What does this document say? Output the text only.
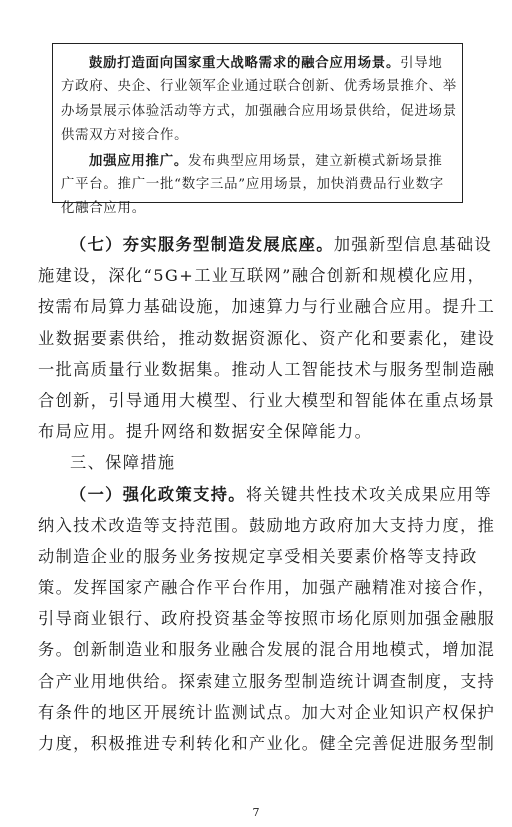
鼓励打造面向国家重大战略需求的融合应用场景。引导地
方政府、央企、行业领军企业通过联合创新、优秀场景推介、举
办场景展示体验活动等方式，加强融合应用场景供给，促进场景
供需双方对接合作。
加强应用推广。发布典型应用场景，建立新模式新场景推
广平台。推广一批“数字三品”应用场景，加快消费品行业数字
化融合应用。
（七）夯实服务型制造发展底座。加强新型信息基础设
施建设，深化“5G+工业互联网”融合创新和规模化应用，
按需布局算力基础设施，加速算力与行业融合应用。提升工
业数据要素供给，推动数据资源化、资产化和要素化，建设
一批高质量行业数据集。推动人工智能技术与服务型制造融
合创新，引导通用大模型、行业大模型和智能体在重点场景
布局应用。提升网络和数据安全保障能力。
三、保障措施
（一）强化政策支持。将关键共性技术攻关成果应用等
纳入技术改造等支持范围。鼓励地方政府加大支持力度，推
动制造企业的服务业务按规定享受相关要素价格等支持政
策。发挥国家产融合作平台作用，加强产融精准对接合作，
引导商业银行、政府投资基金等按照市场化原则加强金融服
务。创新制造业和服务业融合发展的混合用地模式，增加混
合产业用地供给。探索建立服务型制造统计调查制度，支持
有条件的地区开展统计监测试点。加大对企业知识产权保护
力度，积极推进专利转化和产业化。健全完善促进服务型制
7
